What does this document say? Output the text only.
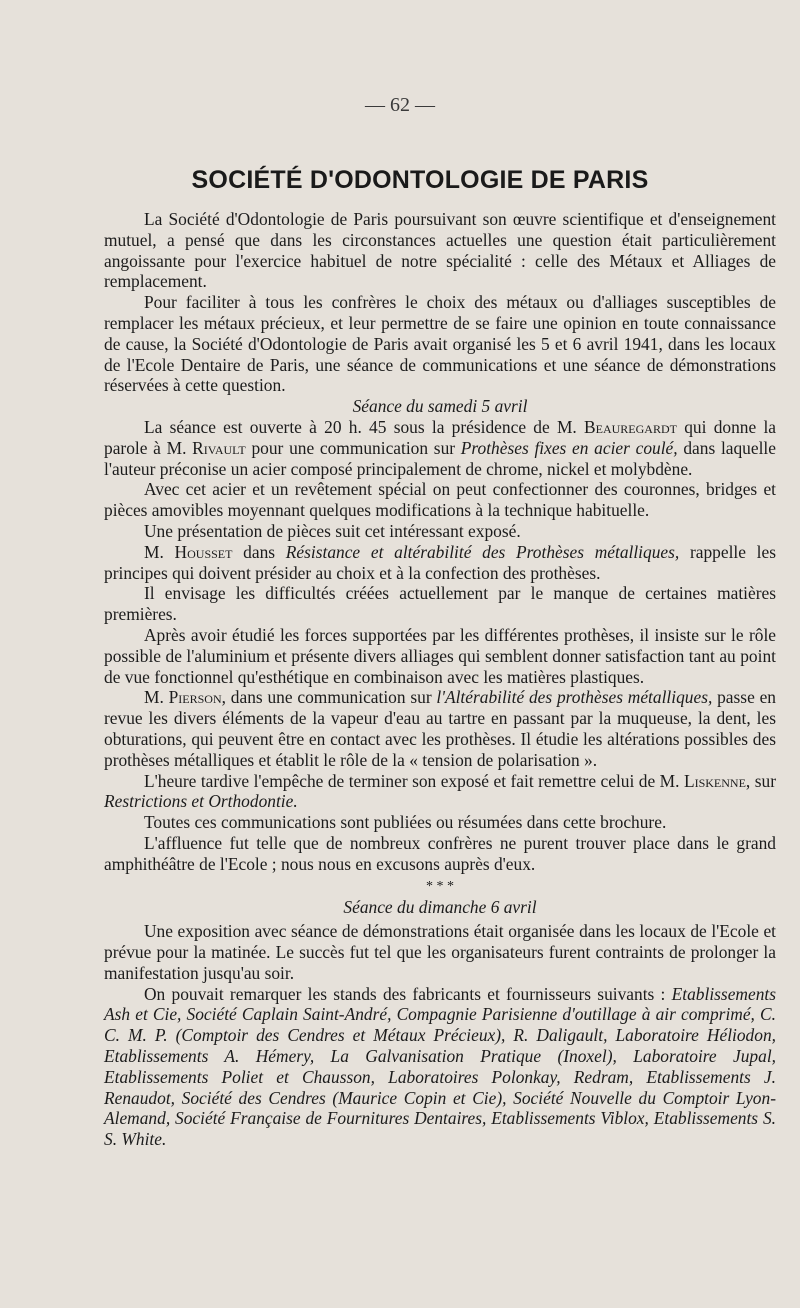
— 62 —
SOCIÉTÉ D'ODONTOLOGIE DE PARIS

La Société d'Odontologie de Paris poursuivant son œuvre scientifique et d'enseignement mutuel, a pensé que dans les circonstances actuelles une question était particulièrement angoissante pour l'exercice habituel de notre spécialité : celle des Métaux et Alliages de remplacement.

Pour faciliter à tous les confrères le choix des métaux ou d'alliages susceptibles de remplacer les métaux précieux, et leur permettre de se faire une opinion en toute connaissance de cause, la Société d'Odontologie de Paris avait organisé les 5 et 6 avril 1941, dans les locaux de l'Ecole Dentaire de Paris, une séance de communications et une séance de démonstrations réservées à cette question.

Séance du samedi 5 avril

La séance est ouverte à 20 h. 45 sous la présidence de M. Beauregardt qui donne la parole à M. Rivault pour une communication sur Prothèses fixes en acier coulé, dans laquelle l'auteur préconise un acier composé principalement de chrome, nickel et molybdène.

Avec cet acier et un revêtement spécial on peut confectionner des couronnes, bridges et pièces amovibles moyennant quelques modifications à la technique habituelle.

Une présentation de pièces suit cet intéressant exposé.

M. Housset dans Résistance et altérabilité des Prothèses métalliques, rappelle les principes qui doivent présider au choix et à la confection des prothèses.

Il envisage les difficultés créées actuellement par le manque de certaines matières premières.

Après avoir étudié les forces supportées par les différentes prothèses, il insiste sur le rôle possible de l'aluminium et présente divers alliages qui semblent donner satisfaction tant au point de vue fonctionnel qu'esthétique en combinaison avec les matières plastiques.

M. Pierson, dans une communication sur l'Altérabilité des prothèses métalliques, passe en revue les divers éléments de la vapeur d'eau au tartre en passant par la muqueuse, la dent, les obturations, qui peuvent être en contact avec les prothèses. Il étudie les altérations possibles des prothèses métalliques et établit le rôle de la « tension de polarisation ».

L'heure tardive l'empêche de terminer son exposé et fait remettre celui de M. Liskenne, sur Restrictions et Orthodontie.

Toutes ces communications sont publiées ou résumées dans cette brochure.

L'affluence fut telle que de nombreux confrères ne purent trouver place dans le grand amphithéâtre de l'Ecole ; nous nous en excusons auprès d'eux.

* * *

Séance du dimanche 6 avril

Une exposition avec séance de démonstrations était organisée dans les locaux de l'Ecole et prévue pour la matinée. Le succès fut tel que les organisateurs furent contraints de prolonger la manifestation jusqu'au soir.

On pouvait remarquer les stands des fabricants et fournisseurs suivants : Etablissements Ash et Cie, Société Caplain Saint-André, Compagnie Parisienne d'outillage à air comprimé, C. C. M. P. (Comptoir des Cendres et Métaux Précieux), R. Daligault, Laboratoire Héliodon, Etablissements A. Hémery, La Galvanisation Pratique (Inoxel), Laboratoire Jupal, Etablissements Poliet et Chausson, Laboratoires Polonkay, Redram, Etablissements J. Renaudot, Société des Cendres (Maurice Copin et Cie), Société Nouvelle du Comptoir Lyon-Alemand, Société Française de Fournitures Dentaires, Etablissements Viblox, Etablissements S. S. White.
